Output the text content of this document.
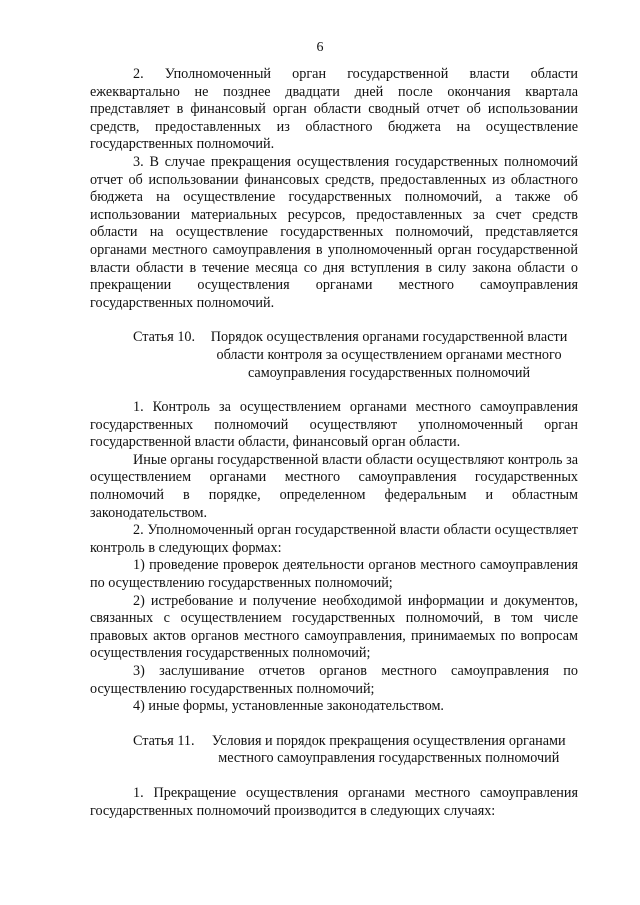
6

2. Уполномоченный орган государственной власти области ежеквартально не позднее двадцати дней после окончания квартала представляет в финансовый орган области сводный отчет об использовании средств, предоставленных из областного бюджета на осуществление государственных полномочий.

3. В случае прекращения осуществления государственных полномочий отчет об использовании финансовых средств, предоставленных из областного бюджета на осуществление государственных полномочий, а также об использовании материальных ресурсов, предоставленных за счет средств области на осуществление государственных полномочий, представляется органами местного самоуправления в уполномоченный орган государственной власти области в течение месяца со дня вступления в силу закона области о прекращении осуществления органами местного самоуправления государственных полномочий.

Статья 10.	Порядок осуществления органами государственной власти области контроля за осуществлением органами местного самоуправления государственных полномочий

1. Контроль за осуществлением органами местного самоуправления государственных полномочий осуществляют уполномоченный орган государственной власти области, финансовый орган области.

Иные органы государственной власти области осуществляют контроль за осуществлением органами местного самоуправления государственных полномочий в порядке, определенном федеральным и областным законодательством.

2. Уполномоченный орган государственной власти области осуществляет контроль в следующих формах:

1) проведение проверок деятельности органов местного самоуправления по осуществлению государственных полномочий;

2) истребование и получение необходимой информации и документов, связанных с осуществлением государственных полномочий, в том числе правовых актов органов местного самоуправления, принимаемых по вопросам осуществления государственных полномочий;

3) заслушивание отчетов органов местного самоуправления по осуществлению государственных полномочий;

4) иные формы, установленные законодательством.

Статья 11.	Условия и порядок прекращения осуществления органами местного самоуправления государственных полномочий

1. Прекращение осуществления органами местного самоуправления государственных полномочий производится в следующих случаях:
